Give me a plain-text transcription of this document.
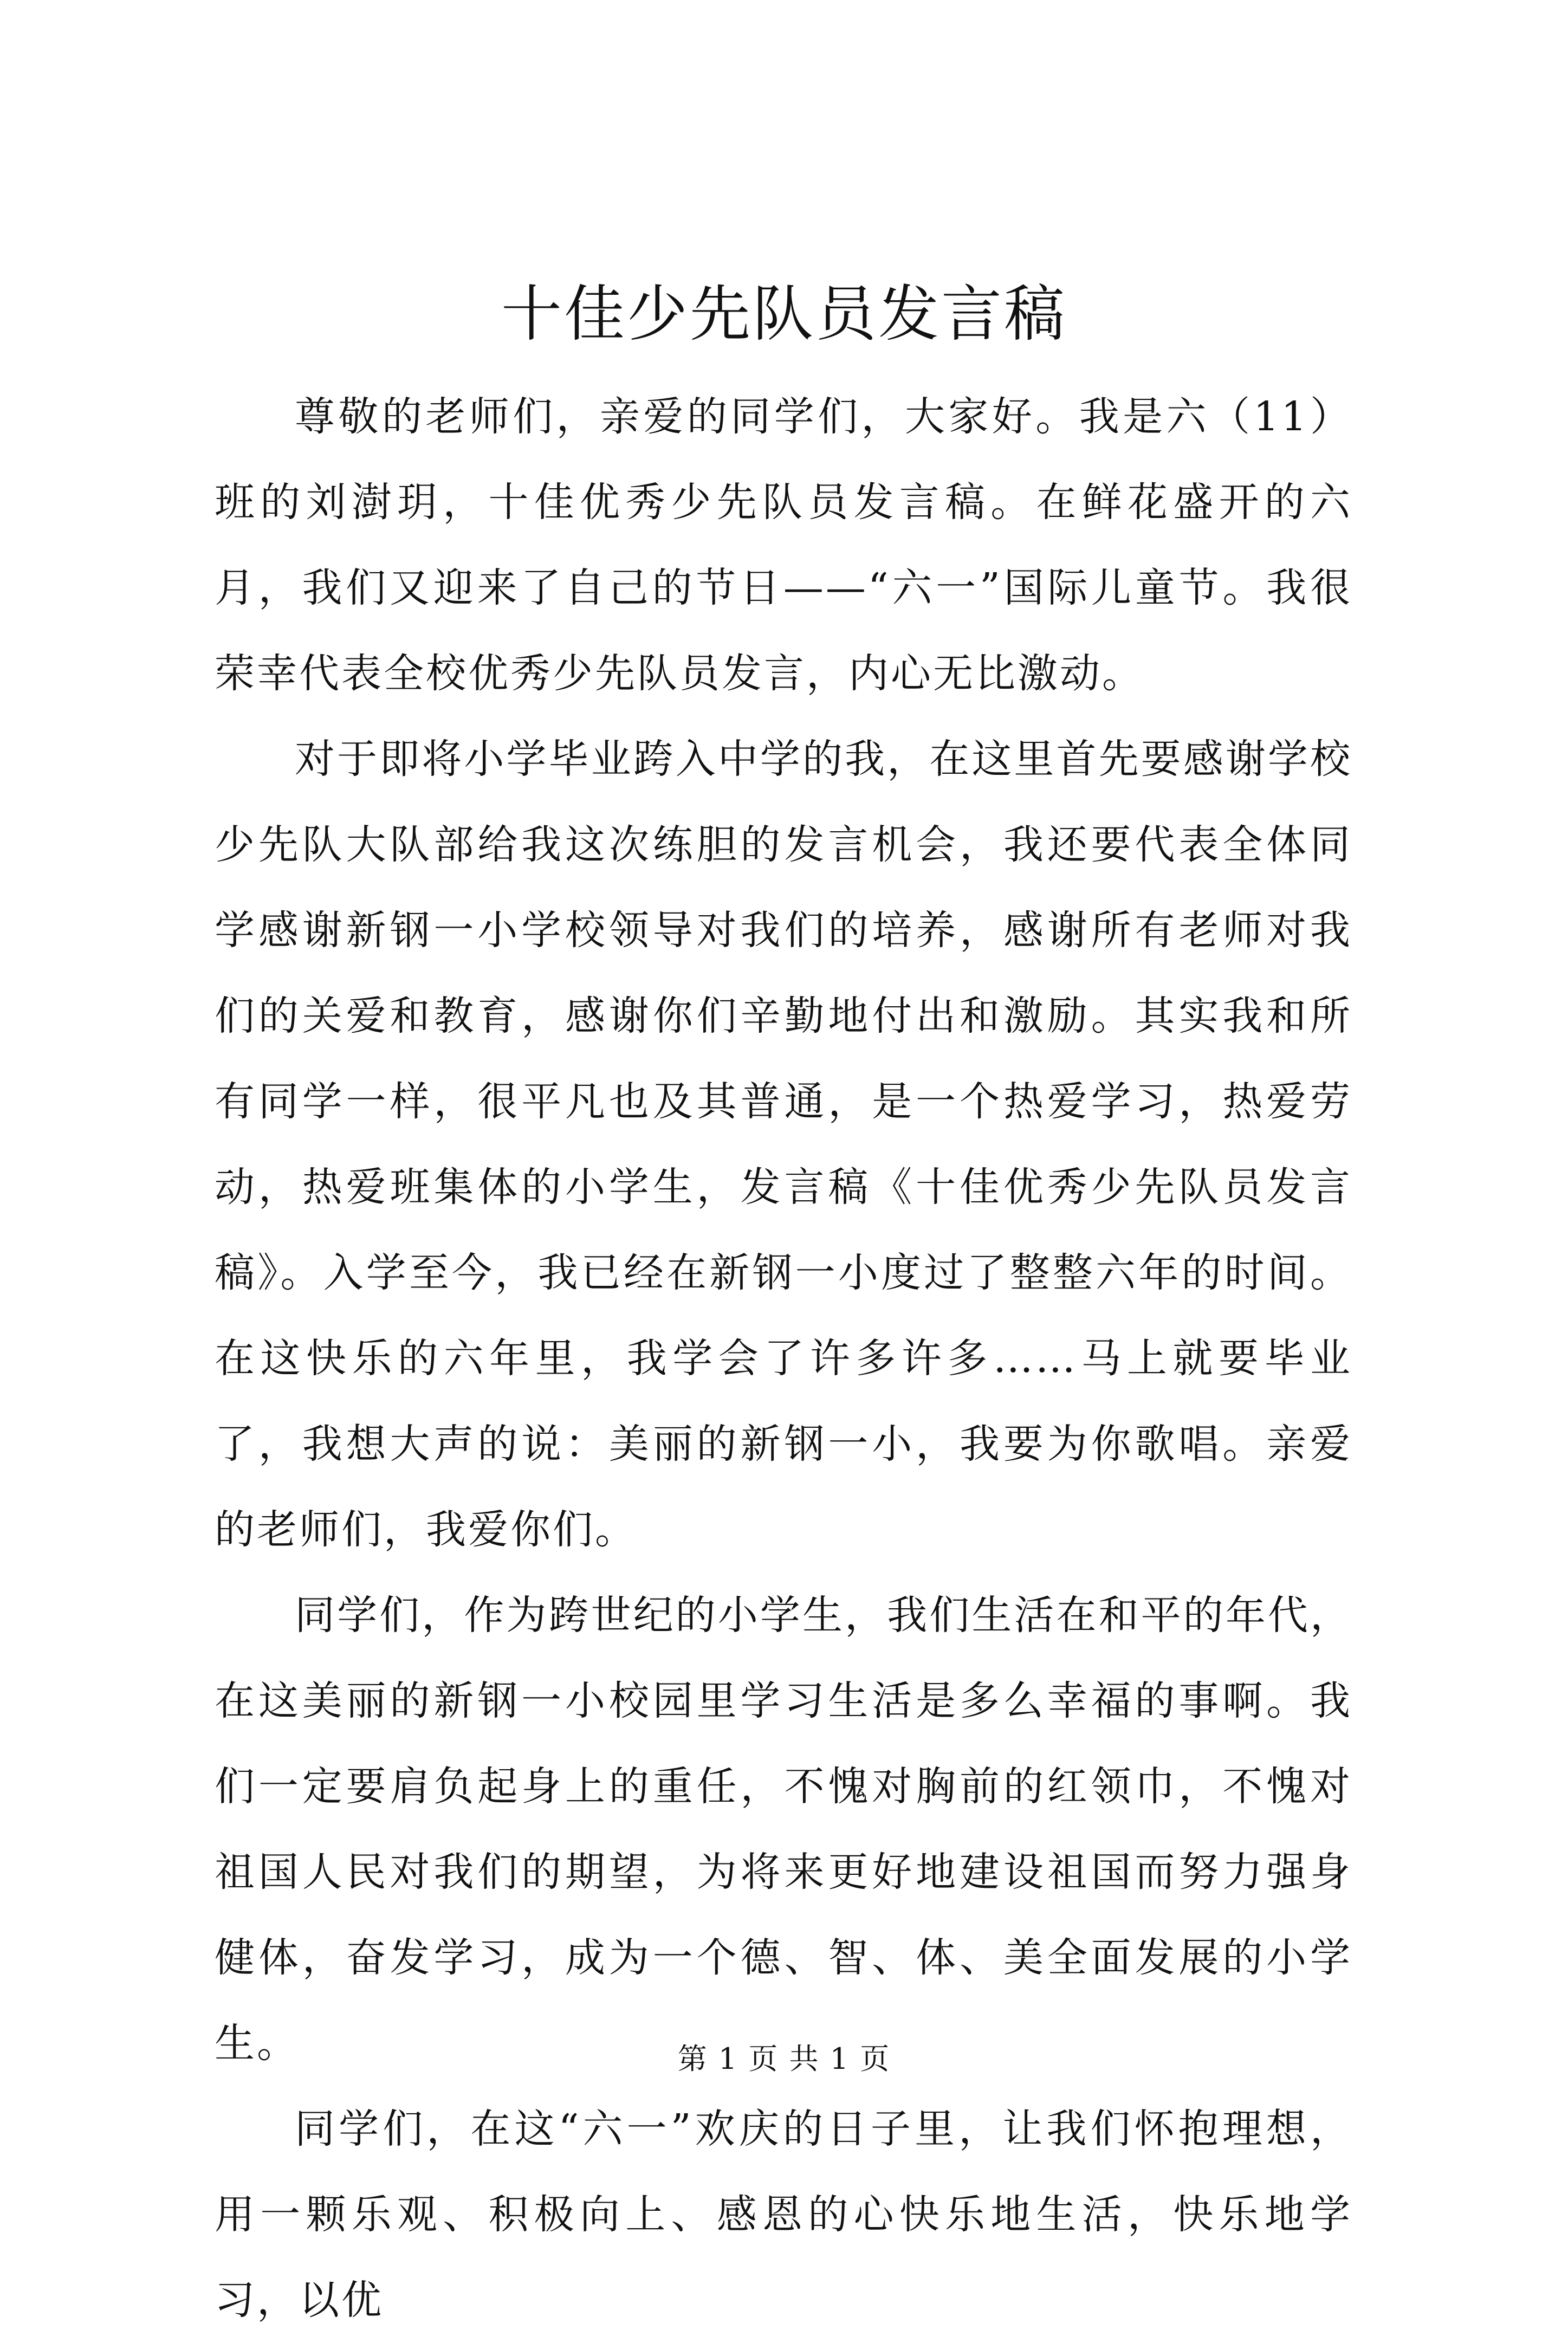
十佳少先队员发言稿

尊敬的老师们，亲爱的同学们，大家好。我是六（11）班的刘澍玥，十佳优秀少先队员发言稿。在鲜花盛开的六月，我们又迎来了自己的节日——“六一”国际儿童节。我很荣幸代表全校优秀少先队员发言，内心无比激动。

对于即将小学毕业跨入中学的我，在这里首先要感谢学校少先队大队部给我这次练胆的发言机会，我还要代表全体同学感谢新钢一小学校领导对我们的培养，感谢所有老师对我们的关爱和教育，感谢你们辛勤地付出和激励。其实我和所有同学一样，很平凡也及其普通，是一个热爱学习，热爱劳动，热爱班集体的小学生，发言稿《十佳优秀少先队员发言稿》。入学至今，我已经在新钢一小度过了整整六年的时间。在这快乐的六年里，我学会了许多许多……马上就要毕业了，我想大声的说：美丽的新钢一小，我要为你歌唱。亲爱的老师们，我爱你们。

同学们，作为跨世纪的小学生，我们生活在和平的年代，在这美丽的新钢一小校园里学习生活是多么幸福的事啊。我们一定要肩负起身上的重任，不愧对胸前的红领巾，不愧对祖国人民对我们的期望，为将来更好地建设祖国而努力强身健体，奋发学习，成为一个德、智、体、美全面发展的小学生。

同学们，在这“六一”欢庆的日子里，让我们怀抱理想，用一颗乐观、积极向上、感恩的心快乐地生活，快乐地学习，以优

第 1 页 共 1 页
